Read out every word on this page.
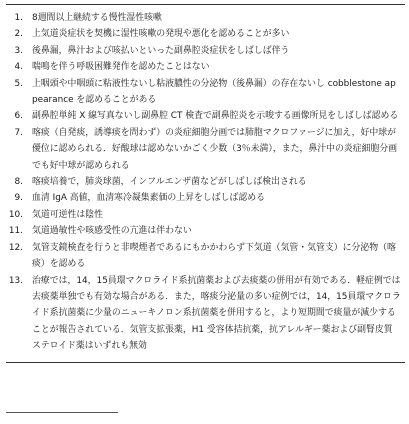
1.	8週間以上継続する慢性湿性咳嗽
2.	上気道炎症状を契機に湿性咳嗽の発現や悪化を認めることが多い
3.	後鼻漏，鼻汁および咳払いといった副鼻腔炎症状をしばしば伴う
4.	喘鳴を伴う呼吸困難発作を認めたことはない
5.	上咽頭や中咽頭に粘液性ないし粘液膿性の分泌物（後鼻漏）の存在ないし cobblestone appearance を認めることがある
6.	副鼻腔単純 X 線写真ないし副鼻腔 CT 検査で副鼻腔炎を示唆する画像所見をしばしば認める
7.	喀痰（自発痰，誘導痰を問わず）の炎症細胞分画では肺胞マクロファージに加え，好中球が優位に認められる．好酸球は認めないかごく少数（3％未満），また，鼻汁中の炎症細胞分画でも好中球が認められる
8.	喀痰培養で，肺炎球菌，インフルエンザ菌などがしばしば検出される
9.	血清 IgA 高値，血清寒冷凝集素価の上昇をしばしば認める
10.	気道可逆性は陰性
11.	気道過敏性や咳感受性の亢進は伴わない
12.	気管支鏡検査を行うと非喫煙者であるにもかかわらず下気道（気管・気管支）に分泌物（喀痰）を認める
13.	治療では，14，15員環マクロライド系抗菌薬および去痰薬の併用が有効である．軽症例では去痰薬単独でも有効な場合がある．また，喀痰分泌量の多い症例では，14，15員環マクロライド系抗菌薬に少量のニューキノロン系抗菌薬を併用すると，より短期間で痰量が減少することが報告されている．気管支拡張薬，H1 受容体拮抗薬，抗アレルギー薬および副腎皮質ステロイド薬はいずれも無効
